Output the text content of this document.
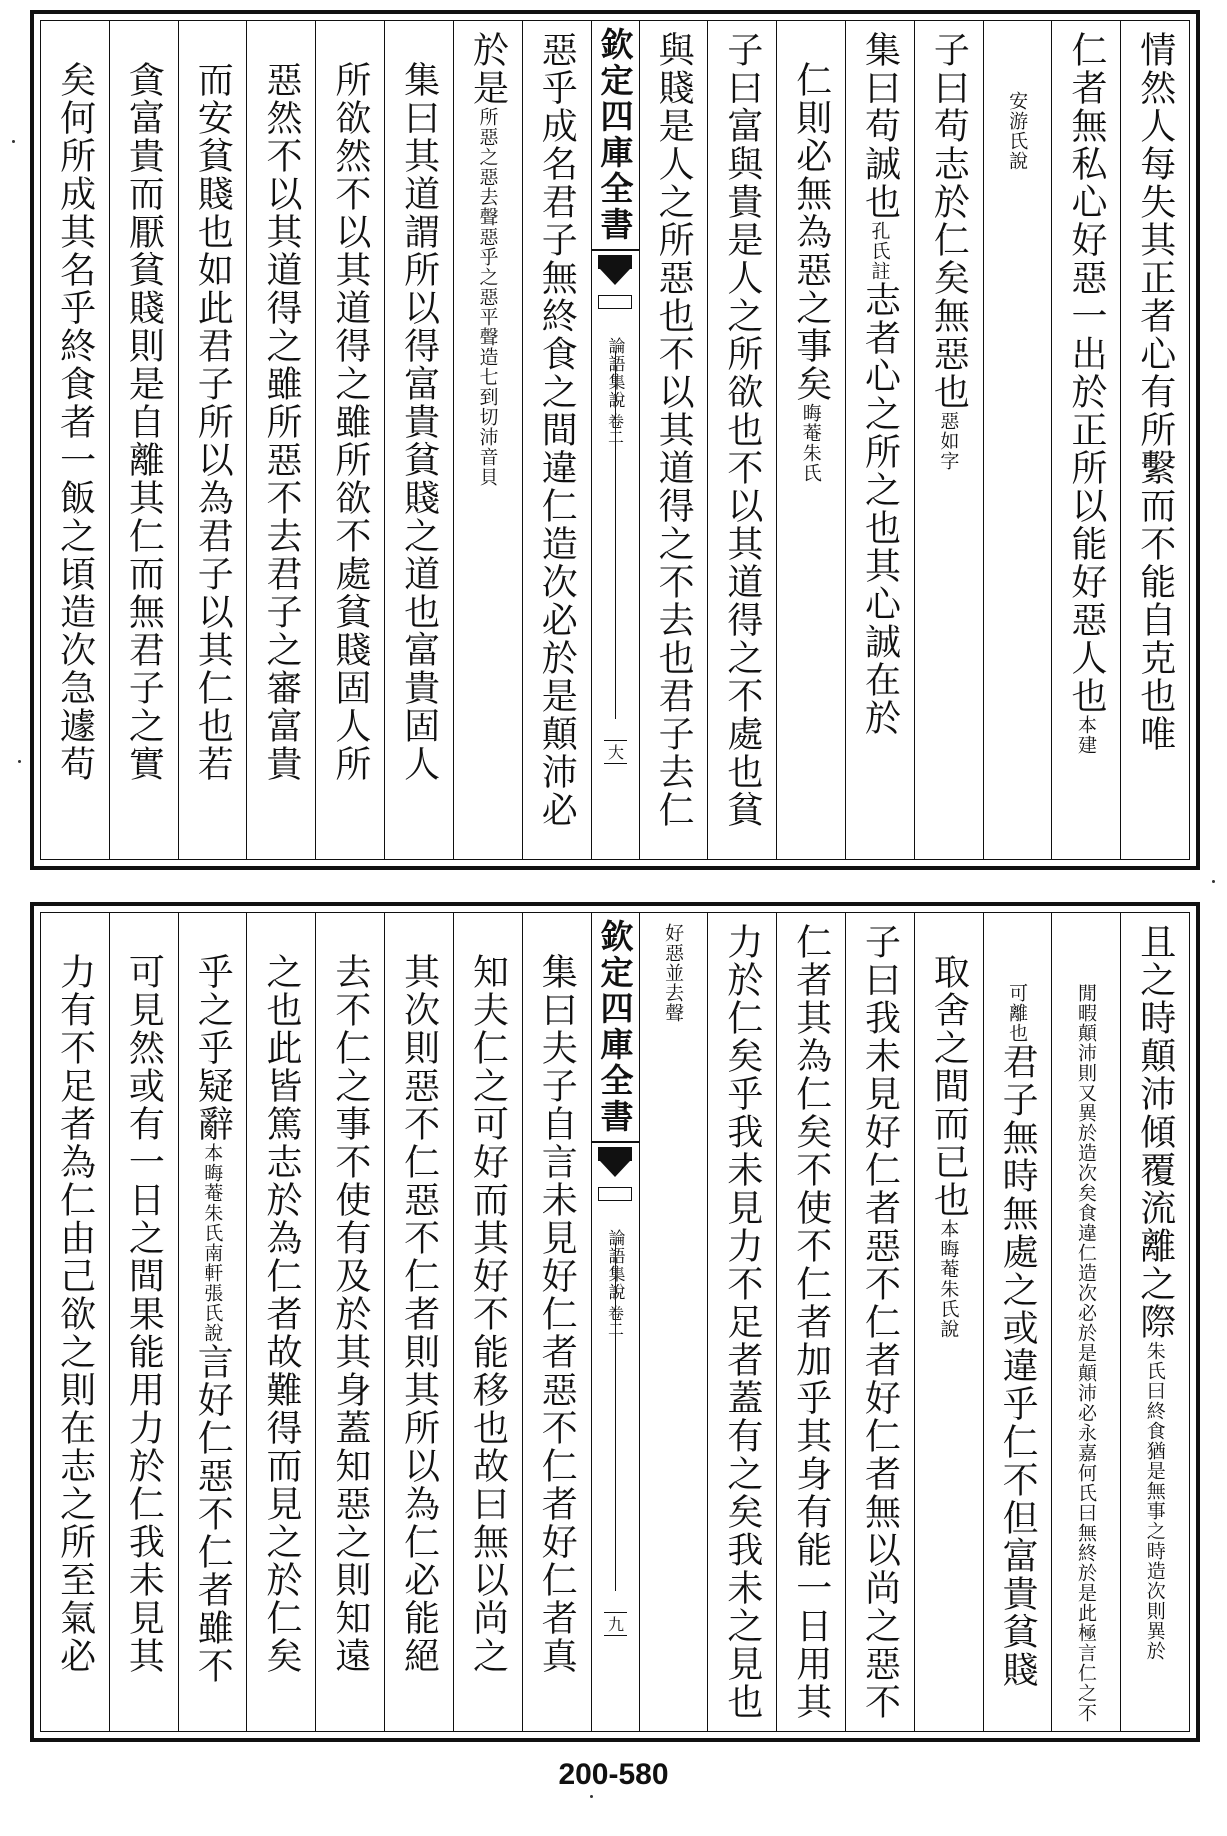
情然人每失其正者心有所繫而不能自克也唯
仁者無私心好惡一出於正所以能好惡人也
本
建
安游
氏說
子曰苟志於仁矣無惡也
惡如
字
集曰苟誠也
孔氏
註
志者心之所之也其心誠在於
仁則必無為惡之事矣
晦菴
朱氏
子曰富與貴是人之所欲也不以其道得之不處也貧
與賤是人之所惡也不以其道得之不去也君子去仁
欽定四庫全書
論語集說
卷二
大
惡乎成名君子無終食之間違仁造次必於是顛沛必
於是
所惡之惡去聲惡乎之惡
平聲造七到切沛音貝
集曰其道謂所以得富貴貧賤之道也富貴固人
所欲然不以其道得之雖所欲不處貧賤固人所
惡然不以其道得之雖所惡不去君子之審富貴
而安貧賤也如此君子所以為君子以其仁也若
貪富貴而厭貧賤則是自離其仁而無君子之實
矣何所成其名乎終食者一飯之頃造次急遽苟
且之時顛沛傾覆流離之際
朱氏曰終食猶是無
事之時造次則異於
閒暇顛沛則又異於造次矣
食違仁造次必於是顛沛必
永嘉何氏曰無終
於是此極言仁之不
可離
也
君子無時無處之或違乎仁不但富貴貧賤
取舍之間而已也
本晦菴
朱氏說
子曰我未見好仁者惡不仁者好仁者無以尚之惡不
仁者其為仁矣不使不仁者加乎其身有能一日用其
力於仁矣乎我未見力不足者蓋有之矣我未之見也
好惡並
去聲
欽定四庫全書
論語集說
卷二
九
集曰夫子自言未見好仁者惡不仁者好仁者真
知夫仁之可好而其好不能移也故曰無以尚之
其次則惡不仁惡不仁者則其所以為仁必能絕
去不仁之事不使有及於其身蓋知惡之則知遠
之也此皆篤志於為仁者故難得而見之於仁矣
乎之乎疑辭
本晦菴朱氏
南軒張氏說
言好仁惡不仁者雖不
可見然或有一日之間果能用力於仁我未見其
力有不足者為仁由己欲之則在志之所至氣必
200-580
